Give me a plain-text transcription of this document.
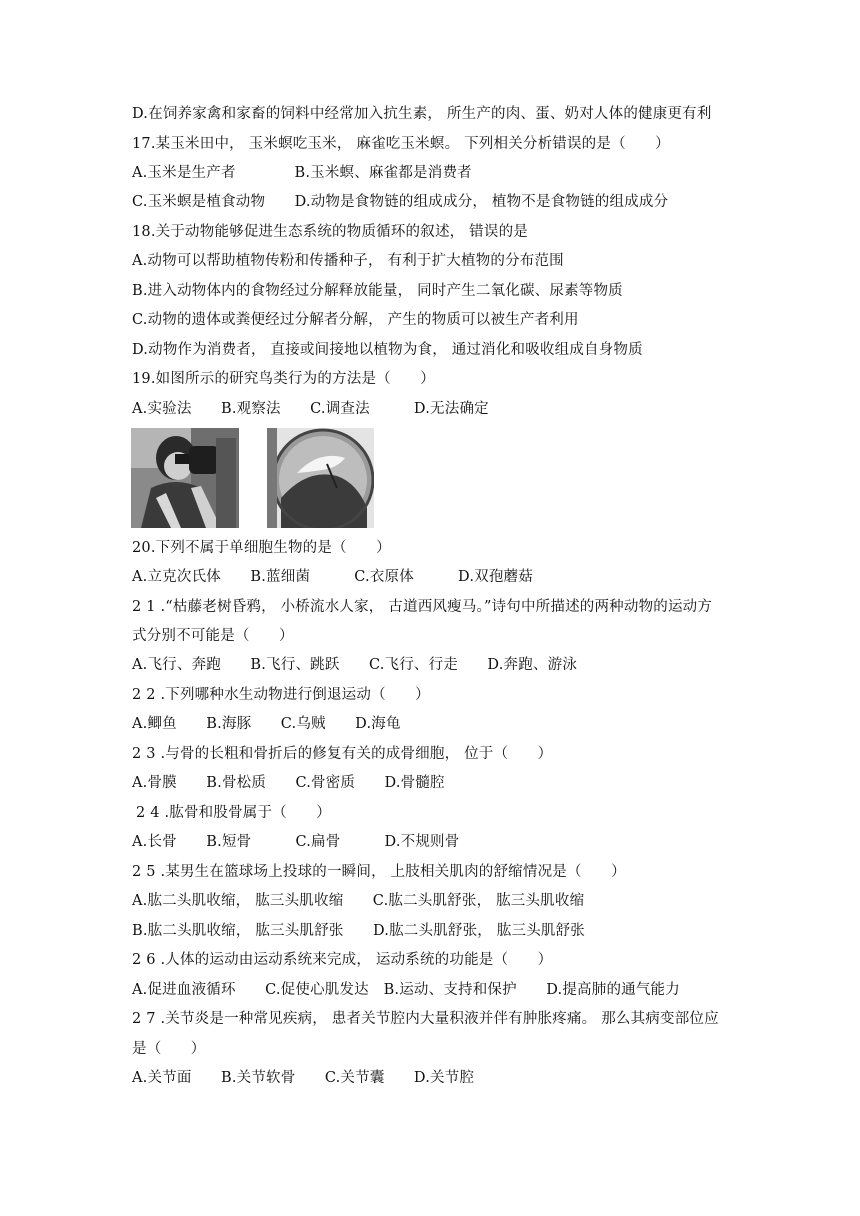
D.在饲养家禽和家畜的饲料中经常加入抗生素， 所生产的肉、蛋、奶对人体的健康更有利
17.某玉米田中， 玉米螟吃玉米， 麻雀吃玉米螟。 下列相关分析错误的是（　　）
A.玉米是生产者　　　　B.玉米螟、麻雀都是消费者
C.玉米螟是植食动物　　D.动物是食物链的组成成分， 植物不是食物链的组成成分
18.关于动物能够促进生态系统的物质循环的叙述， 错误的是
A.动物可以帮助植物传粉和传播种子， 有利于扩大植物的分布范围
B.进入动物体内的食物经过分解释放能量， 同时产生二氧化碳、尿素等物质
C.动物的遗体或粪便经过分解者分解， 产生的物质可以被生产者利用
D.动物作为消费者， 直接或间接地以植物为食， 通过消化和吸收组成自身物质
19.如图所示的研究鸟类行为的方法是（　　）
A.实验法　　B.观察法　　C.调查法　　　D.无法确定
20.下列不属于单细胞生物的是（　　）
A.立克次氏体　　B.蓝细菌　　　C.衣原体　　　D.双孢蘑菇
2 1 .“枯藤老树昏鸦， 小桥流水人家， 古道西风瘦马。”诗句中所描述的两种动物的运动方
式分别不可能是（　　）
A.飞行、奔跑　　B.飞行、跳跃　　C.飞行、行走　　D.奔跑、游泳
2 2 .下列哪种水生动物进行倒退运动（　　）
A.鲫鱼　　B.海豚　　C.乌贼　　D.海龟
2 3 .与骨的长粗和骨折后的修复有关的成骨细胞， 位于（　　）
A.骨膜　　B.骨松质　　C.骨密质　　D.骨髓腔
2 4 .肱骨和股骨属于（　　）
A.长骨　　B.短骨　　　C.扁骨　　　D.不规则骨
2 5 .某男生在篮球场上投球的一瞬间， 上肢相关肌肉的舒缩情况是（　　）
A.肱二头肌收缩， 肱三头肌收缩　　C.肱二头肌舒张， 肱三头肌收缩
B.肱二头肌收缩， 肱三头肌舒张　　D.肱二头肌舒张， 肱三头肌舒张
2 6 .人体的运动由运动系统来完成， 运动系统的功能是（　　）
A.促进血液循环　　C.促使心肌发达　B.运动、支持和保护　　D.提高肺的通气能力
2 7 .关节炎是一种常见疾病， 患者关节腔内大量积液并伴有肿胀疼痛。 那么其病变部位应
是（　　）
A.关节面　　B.关节软骨　　C.关节囊　　D.关节腔
